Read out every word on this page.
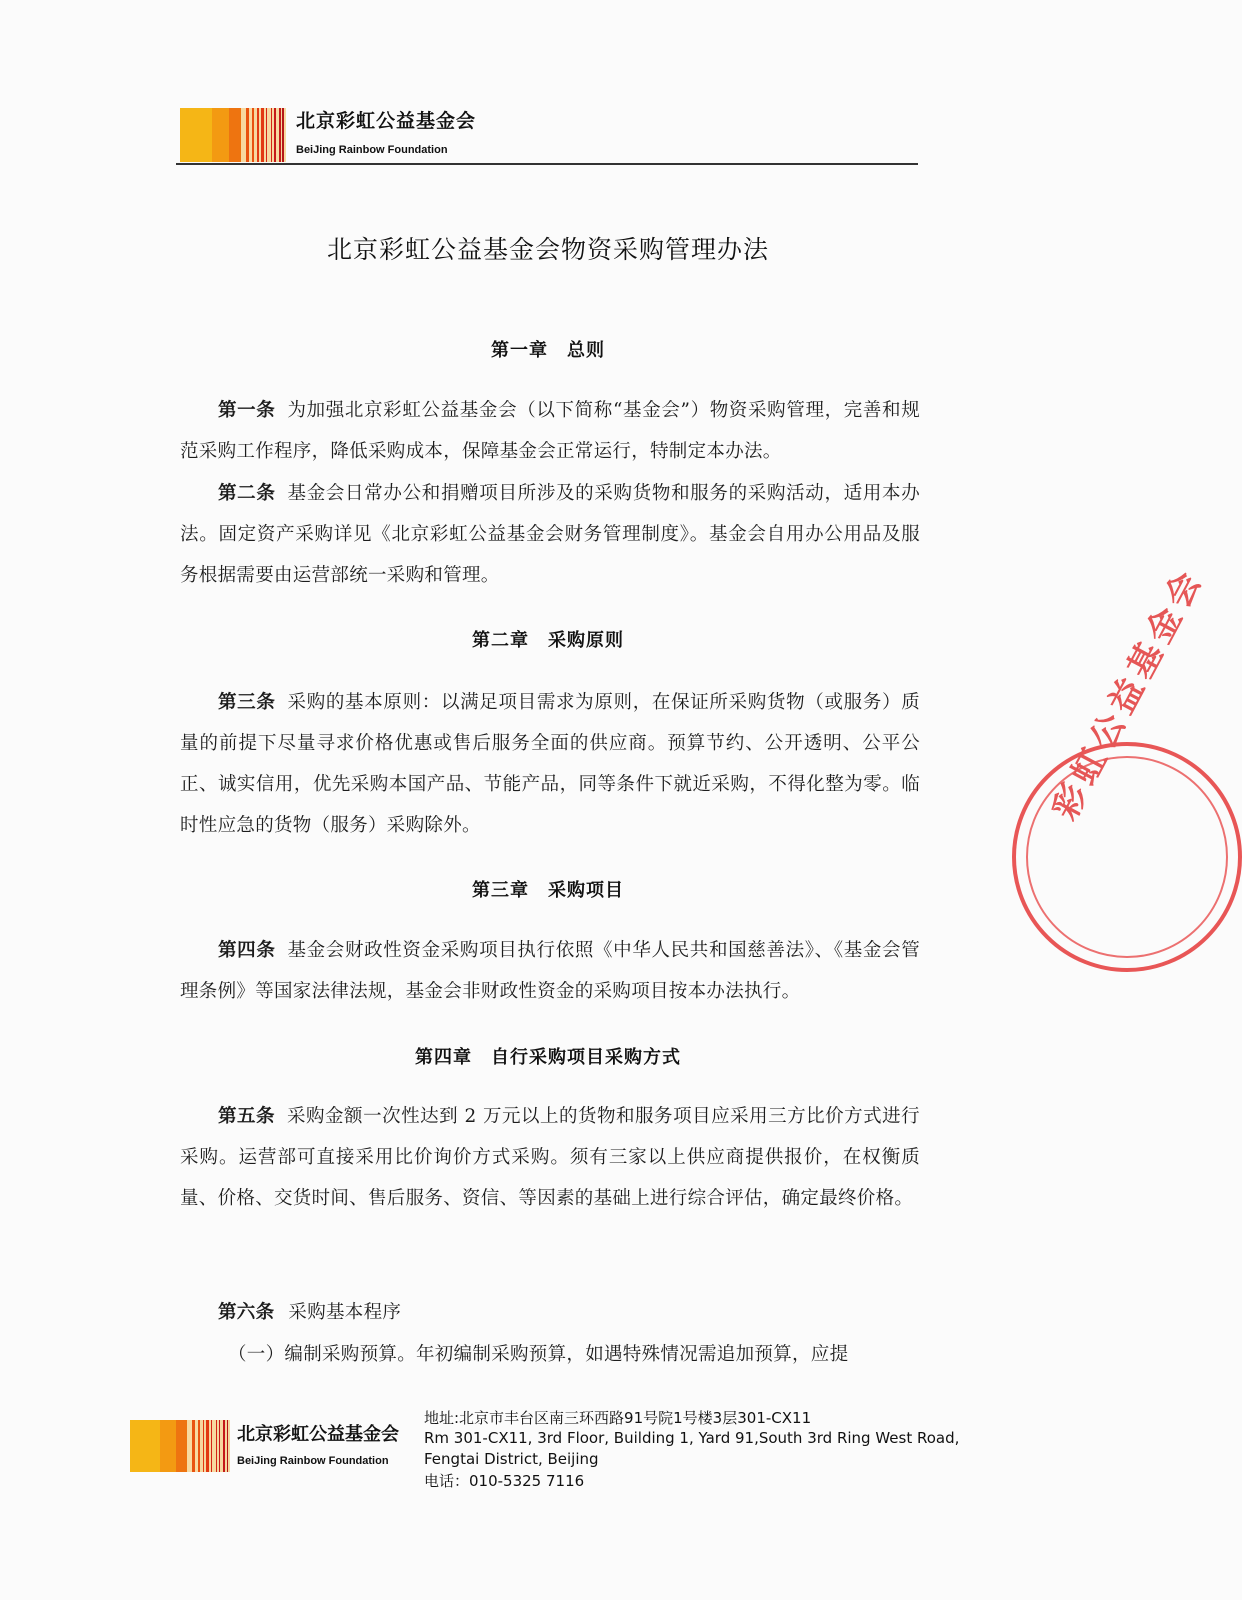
北京彩虹公益基金会
BeiJing Rainbow Foundation
北京彩虹公益基金会物资采购管理办法
第一章　总则
第一条 为加强北京彩虹公益基金会（以下简称“基金会”）物资采购管理，完善和规范采购工作程序，降低采购成本，保障基金会正常运行，特制定本办法。
第二条 基金会日常办公和捐赠项目所涉及的采购货物和服务的采购活动，适用本办法。固定资产采购详见《北京彩虹公益基金会财务管理制度》。基金会自用办公用品及服务根据需要由运营部统一采购和管理。
第二章　采购原则
第三条 采购的基本原则：以满足项目需求为原则，在保证所采购货物（或服务）质量的前提下尽量寻求价格优惠或售后服务全面的供应商。预算节约、公开透明、公平公正、诚实信用，优先采购本国产品、节能产品，同等条件下就近采购，不得化整为零。临时性应急的货物（服务）采购除外。
第三章　采购项目
第四条 基金会财政性资金采购项目执行依照《中华人民共和国慈善法》、《基金会管理条例》等国家法律法规，基金会非财政性资金的采购项目按本办法执行。
第四章　自行采购项目采购方式
第五条 采购金额一次性达到 2 万元以上的货物和服务项目应采用三方比价方式进行采购。运营部可直接采用比价询价方式采购。须有三家以上供应商提供报价，在权衡质量、价格、交货时间、售后服务、资信、等因素的基础上进行综合评估，确定最终价格。
第六条 采购基本程序
（一）编制采购预算。年初编制采购预算，如遇特殊情况需追加预算，应提
彩虹公益基金会
北京彩虹公益基金会
BeiJing Rainbow Foundation
地址:北京市丰台区南三环西路91号院1号楼3层301-CX11
Rm 301-CX11, 3rd Floor, Building 1, Yard 91,South 3rd Ring West Road,
Fengtai District, Beijing
电话：010-5325 7116
